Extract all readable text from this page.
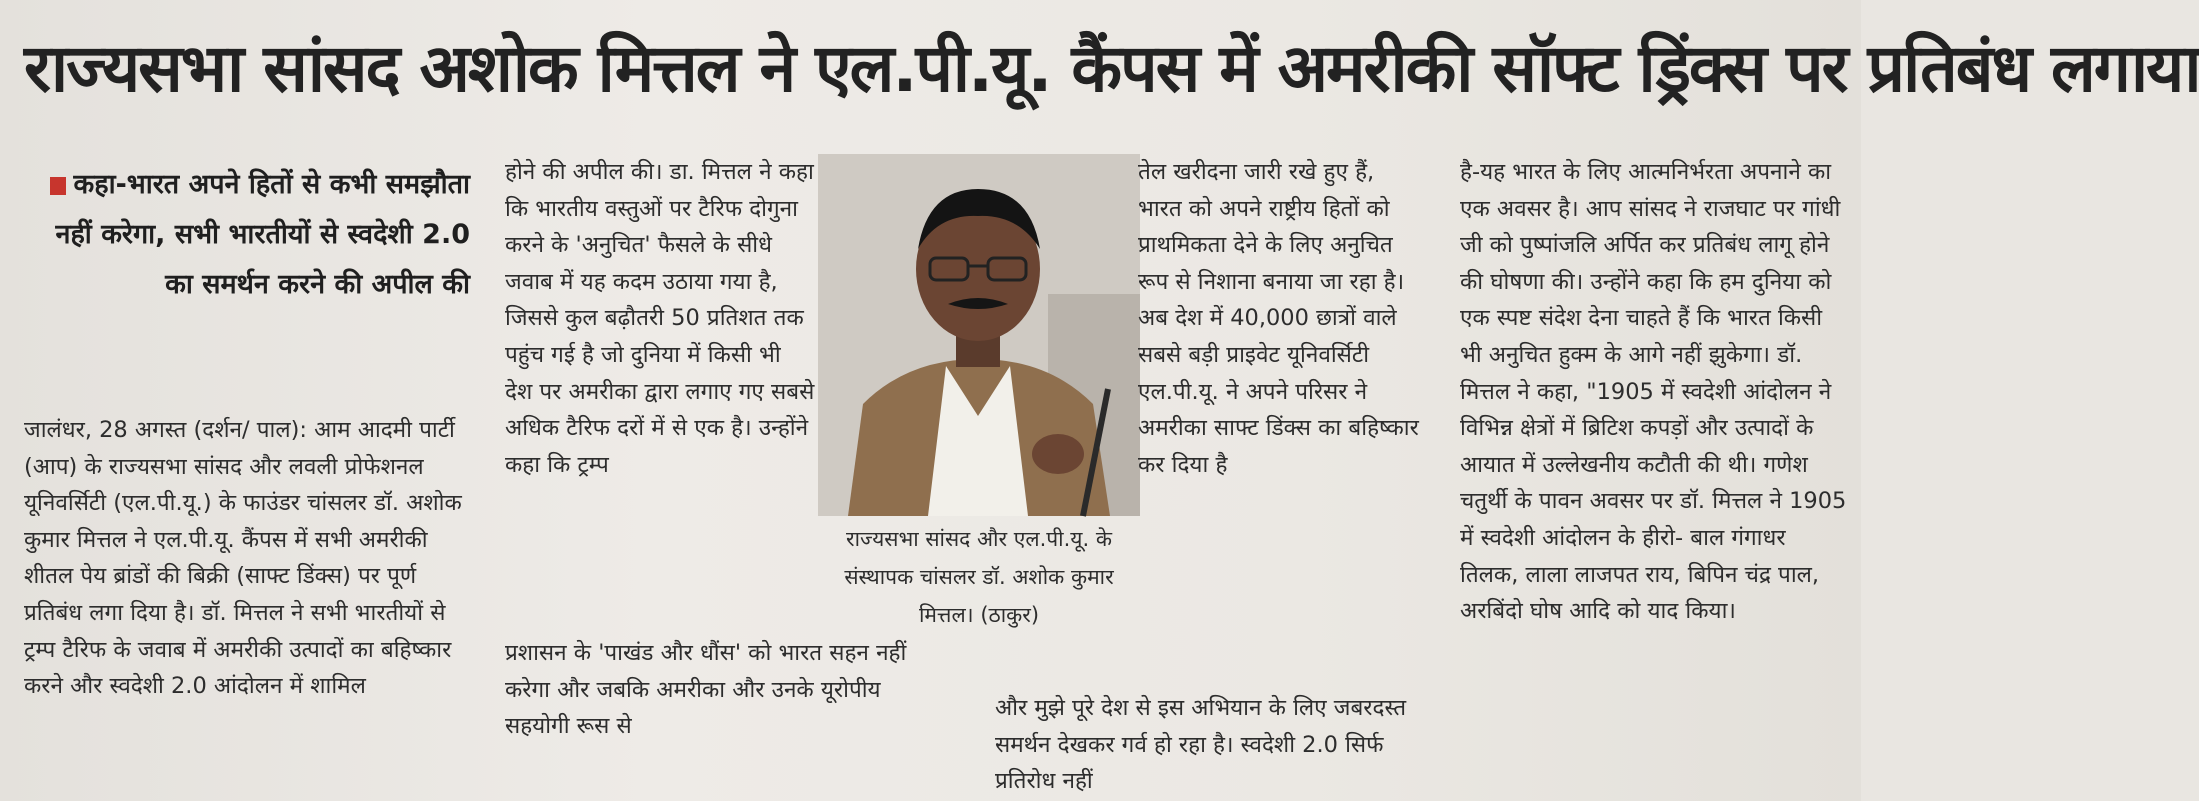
राज्यसभा सांसद अशोक मित्तल ने एल.पी.यू. कैंपस में अमरीकी सॉफ्ट ड्रिंक्स पर प्रतिबंध लगाया
कहा-भारत अपने हितों से कभी समझौता नहीं करेगा, सभी भारतीयों से स्वदेशी 2.0 का समर्थन करने की अपील की

जालंधर, 28 अगस्त (दर्शन/ पाल): आम आदमी पार्टी (आप) के राज्यसभा सांसद और लवली प्रोफेशनल यूनिवर्सिटी (एल.पी.यू.) के फाउंडर चांसलर डॉ. अशोक कुमार मित्तल ने एल.पी.यू. कैंपस में सभी अमरीकी शीतल पेय ब्रांडों की बिक्री (साफ्ट डिंक्स) पर पूर्ण प्रतिबंध लगा दिया है। डॉ. मित्तल ने सभी भारतीयों से ट्रम्प टैरिफ के जवाब में अमरीकी उत्पादों का बहिष्कार करने और स्वदेशी 2.0 आंदोलन में शामिल

होने की अपील की। डा. मित्तल ने कहा कि भारतीय वस्तुओं पर टैरिफ दोगुना करने के 'अनुचित' फैसले के सीधे जवाब में यह कदम उठाया गया है, जिससे कुल बढ़ौतरी 50 प्रतिशत तक पहुंच गई है जो दुनिया में किसी भी देश पर अमरीका द्वारा लगाए गए सबसे अधिक टैरिफ दरों में से एक है। उन्होंने कहा कि ट्रम्प

प्रशासन के 'पाखंड और धौंस' को भारत सहन नहीं करेगा और जबकि अमरीका और उनके यूरोपीय सहयोगी रूस से

राज्यसभा सांसद और एल.पी.यू. के संस्थापक चांसलर डॉ. अशोक कुमार मित्तल। (ठाकुर)

तेल खरीदना जारी रखे हुए हैं, भारत को अपने राष्ट्रीय हितों को प्राथमिकता देने के लिए अनुचित रूप से निशाना बनाया जा रहा है। अब देश में 40,000 छात्रों वाले सबसे बड़ी प्राइवेट यूनिवर्सिटी एल.पी.यू. ने अपने परिसर ने अमरीका साफ्ट डिंक्स का बहिष्कार कर दिया है

और मुझे पूरे देश से इस अभियान के लिए जबरदस्त समर्थन देखकर गर्व हो रहा है। स्वदेशी 2.0 सिर्फ प्रतिरोध नहीं

है-यह भारत के लिए आत्मनिर्भरता अपनाने का एक अवसर है। आप सांसद ने राजघाट पर गांधी जी को पुष्पांजलि अर्पित कर प्रतिबंध लागू होने की घोषणा की। उन्होंने कहा कि हम दुनिया को एक स्पष्ट संदेश देना चाहते हैं कि भारत किसी भी अनुचित हुक्म के आगे नहीं झुकेगा। डॉ. मित्तल ने कहा, "1905 में स्वदेशी आंदोलन ने विभिन्न क्षेत्रों में ब्रिटिश कपड़ों और उत्पादों के आयात में उल्लेखनीय कटौती की थी। गणेश चतुर्थी के पावन अवसर पर डॉ. मित्तल ने 1905 में स्वदेशी आंदोलन के हीरो- बाल गंगाधर तिलक, लाला लाजपत राय, बिपिन चंद्र पाल, अरबिंदो घोष आदि को याद किया।
